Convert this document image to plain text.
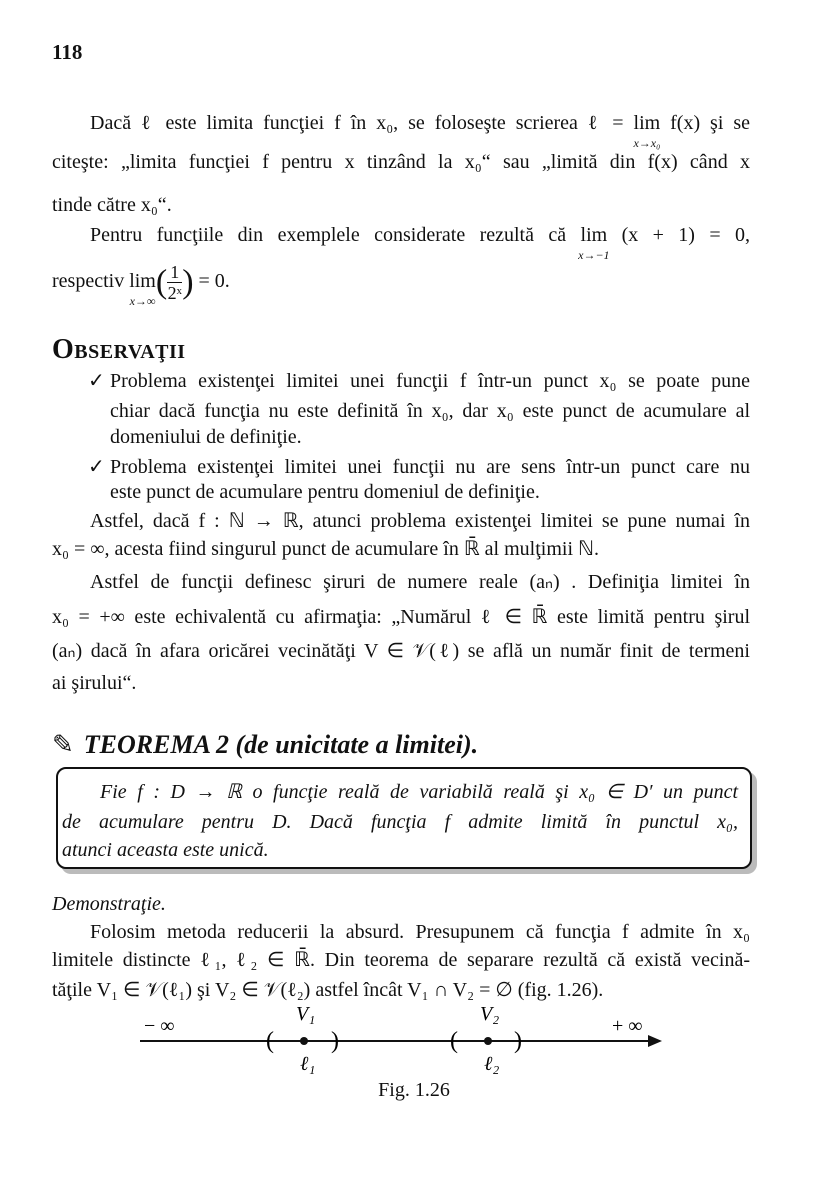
118
Dacă ℓ este limita funcţiei f în x₀, se foloseşte scrierea ℓ = lim
x→x₀
f(x) şi se
citeşte: „limita funcţiei f pentru x tinzând la x₀“ sau „limită din f(x) când x
tinde către x₀“.
Pentru funcţiile din exemplele considerate rezultă că lim
x→−1
(x + 1) = 0,
respectiv lim
x→∞
( $\frac{1}{\text{2ˣ}}$ ) = 0.
Observaţii
✓ Problema existenţei limitei unei funcţii f într-un punct x₀ se poate pune
chiar dacă funcţia nu este definită în x₀, dar x₀ este punct de acumulare al
domeniului de definiţie.
✓ Problema existenţei limitei unei funcţii nu are sens într-un punct care nu
este punct de acumulare pentru domeniul de definiţie.
Astfel, dacă f : ℕ → ℝ, atunci problema existenţei limitei se pune numai în
x₀ = ∞, acesta fiind singurul punct de acumulare în ℝ̄ al mulţimii ℕ.
Astfel de funcţii definesc şiruri de numere reale (aₙ) . Definiţia limitei în
x₀ = +∞ este echivalentă cu afirmaţia: „Numărul ℓ ∈ ℝ̄ este limită pentru şirul
(aₙ) dacă în afara oricărei vecinătăţi V ∈ 𝒱(ℓ) se află un număr finit de termeni
ai şirului“.
✎ TEOREMA 2 (de unicitate a limitei).
Fie f : D → ℝ o funcţie reală de variabilă reală şi x₀ ∈ D′ un punct
de acumulare pentru D. Dacă funcţia f admite limită în punctul x₀,
atunci aceasta este unică.
Demonstraţie.
Folosim metoda reducerii la absurd. Presupunem că funcţia f admite în x₀
limitele distincte ℓ₁, ℓ₂ ∈ ℝ̄. Din teorema de separare rezultă că există vecină-
tăţile V₁ ∈ 𝒱(ℓ₁) şi V₂ ∈ 𝒱(ℓ₂) astfel încât V₁ ∩ V₂ = ∅ (fig. 1.26).
− ∞	+ ∞
( )
V₁
ℓ₁
( )
V₂
ℓ₂
Fig. 1.26
